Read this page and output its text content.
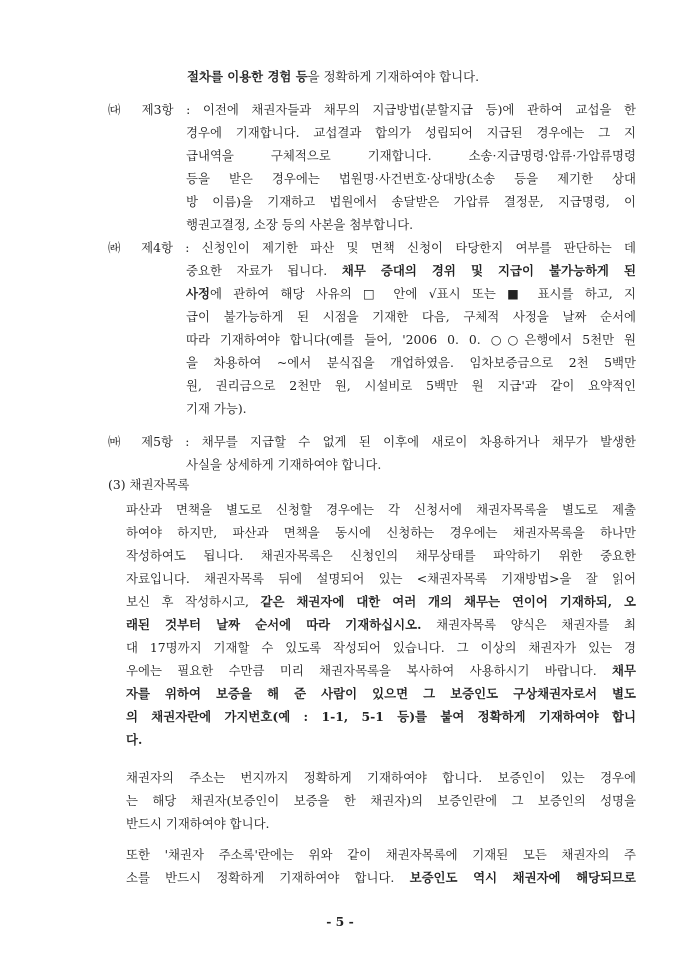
절차를 이용한 경험 등을 정확하게 기재하여야 합니다.
㈐ 제3항 : 이전에 채권자들과 채무의 지급방법(분할지급 등)에 관하여 교섭을 한
경우에 기재합니다. 교섭결과 합의가 성립되어 지급된 경우에는 그 지
급내역을 구체적으로 기재합니다. 소송·지급명령·압류·가압류명령
등을 받은 경우에는 법원명·사건번호·상대방(소송 등을 제기한 상대
방 이름)을 기재하고 법원에서 송달받은 가압류 결정문, 지급명령, 이
행권고결정, 소장 등의 사본을 첨부합니다.
㈑ 제4항 : 신청인이 제기한 파산 및 면책 신청이 타당한지 여부를 판단하는 데
중요한 자료가 됩니다. 채무 증대의 경위 및 지급이 불가능하게 된
사정에 관하여 해당 사유의 □ 안에 √표시 또는 ■ 표시를 하고, 지
급이 불가능하게 된 시점을 기재한 다음, 구체적 사정을 날짜 순서에
따라 기재하여야 합니다(예를 들어, '2006 0. 0. ○○은행에서 5천만 원
을 차용하여 ~에서 분식집을 개업하였음. 임차보증금으로 2천 5백만
원, 권리금으로 2천만 원, 시설비로 5백만 원 지급'과 같이 요약적인
기재 가능).
㈒ 제5항 : 채무를 지급할 수 없게 된 이후에 새로이 차용하거나 채무가 발생한
사실을 상세하게 기재하여야 합니다.
(3) 채권자목록
파산과 면책을 별도로 신청할 경우에는 각 신청서에 채권자목록을 별도로 제출
하여야 하지만, 파산과 면책을 동시에 신청하는 경우에는 채권자목록을 하나만
작성하여도 됩니다. 채권자목록은 신청인의 채무상태를 파악하기 위한 중요한
자료입니다. 채권자목록 뒤에 설명되어 있는 <채권자목록 기재방법>을 잘 읽어
보신 후 작성하시고, 같은 채권자에 대한 여러 개의 채무는 연이어 기재하되, 오
래된 것부터 날짜 순서에 따라 기재하십시오. 채권자목록 양식은 채권자를 최
대 17명까지 기재할 수 있도록 작성되어 있습니다. 그 이상의 채권자가 있는 경
우에는 필요한 수만큼 미리 채권자목록을 복사하여 사용하시기 바랍니다. 채무
자를 위하여 보증을 해 준 사람이 있으면 그 보증인도 구상채권자로서 별도
의 채권자란에 가지번호(예 : 1-1, 5-1 등)를 붙여 정확하게 기재하여야 합니
다.
채권자의 주소는 번지까지 정확하게 기재하여야 합니다. 보증인이 있는 경우에
는 해당 채권자(보증인이 보증을 한 채권자)의 보증인란에 그 보증인의 성명을
반드시 기재하여야 합니다.
또한 '채권자 주소록'란에는 위와 같이 채권자목록에 기재된 모든 채권자의 주
소를 반드시 정확하게 기재하여야 합니다. 보증인도 역시 채권자에 해당되므로
- 5 -
